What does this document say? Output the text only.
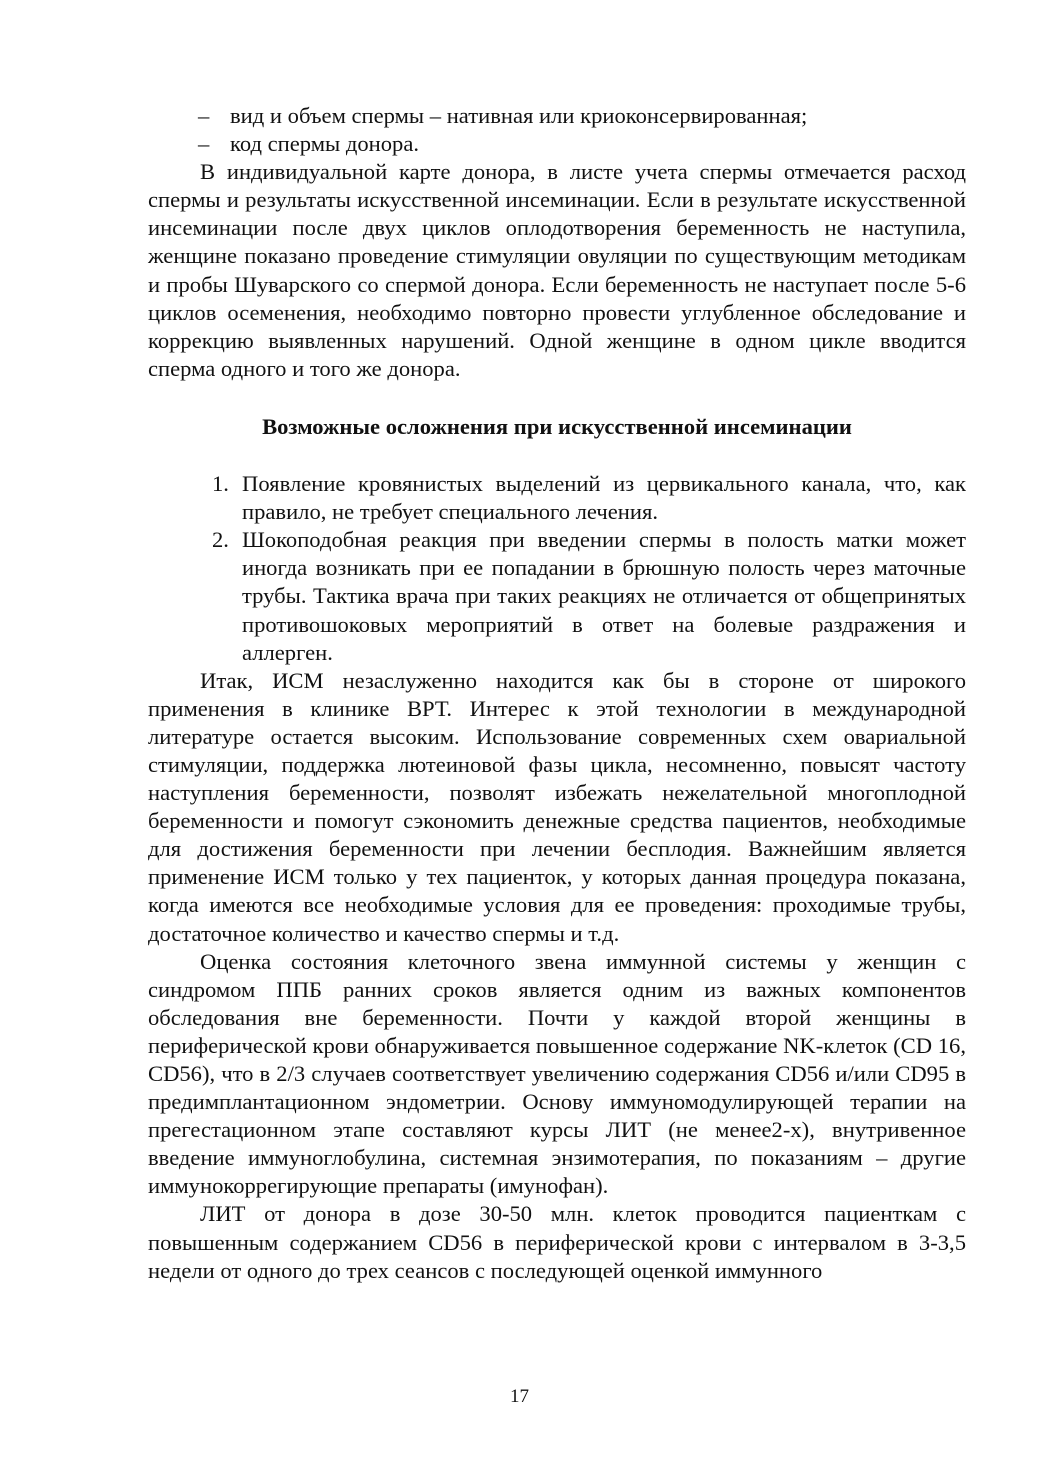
– вид и объем спермы – нативная или криоконсервированная;
– код спермы донора.

В индивидуальной карте донора, в листе учета спермы отмечается расход спермы и результаты искусственной инсеминации. Если в результате искусственной инсеминации после двух циклов оплодотворения беременность не наступила, женщине показано проведение стимуляции овуляции по существующим методикам и пробы Шуварского со спермой донора. Если беременность не наступает после 5-6 циклов осеменения, необходимо повторно провести углубленное обследование и коррекцию выявленных нарушений. Одной женщине в одном цикле вводится сперма одного и того же донора.

Возможные осложнения при искусственной инсеминации
1. Появление кровянистых выделений из цервикального канала, что, как правило, не требует специального лечения.
2. Шокоподобная реакция при введении спермы в полость матки может иногда возникать при ее попадании в брюшную полость через маточные трубы. Тактика врача при таких реакциях не отличается от общепринятых противошоковых мероприятий в ответ на болевые раздражения и аллерген.

Итак, ИСМ незаслуженно находится как бы в стороне от широкого применения в клинике ВРТ. Интерес к этой технологии в международной литературе остается высоким. Использование современных схем овариальной стимуляции, поддержка лютеиновой фазы цикла, несомненно, повысят частоту наступления беременности, позволят избежать нежелательной многоплодной беременности и помогут сэкономить денежные средства пациентов, необходимые для достижения беременности при лечении бесплодия. Важнейшим является применение ИСМ только у тех пациенток, у которых данная процедура показана, когда имеются все необходимые условия для ее проведения: проходимые трубы, достаточное количество и качество спермы и т.д.

Оценка состояния клеточного звена иммунной системы у женщин с синдромом ППБ ранних сроков является одним из важных компонентов обследования вне беременности. Почти у каждой второй женщины в периферической крови обнаруживается повышенное содержание NK-клеток (CD 16, CD56), что в 2/3 случаев соответствует увеличению содержания CD56 и/или CD95 в предимплантационном эндометрии. Основу иммуномодулирующей терапии на прегестационном этапе составляют курсы ЛИТ (не менее2-х), внутривенное введение иммуноглобулина, системная энзимотерапия, по показаниям – другие иммунокоррегирующие препараты (имунофан).

ЛИТ от донора в дозе 30-50 млн. клеток проводится пациенткам с повышенным содержанием CD56 в периферической крови с интервалом в 3-3,5 недели от одного до трех сеансов с последующей оценкой иммунного

17
